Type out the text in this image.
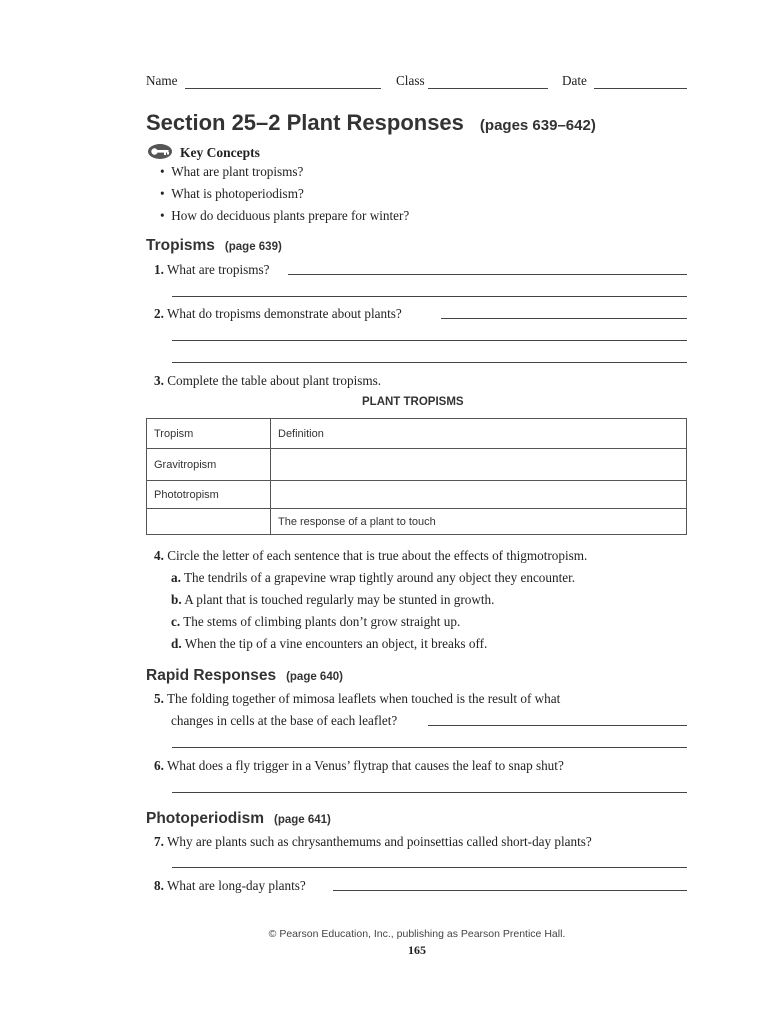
Name	Class	Date
Section 25–2 Plant Responses (pages 639–642)
Key Concepts
•  What are plant tropisms?
•  What is photoperiodism?
•  How do deciduous plants prepare for winter?
Tropisms (page 639)
1. What are tropisms?
2. What do tropisms demonstrate about plants?
3. Complete the table about plant tropisms.
PLANT TROPISMS
Tropism	Definition
Gravitropism	
Phototropism	
	The response of a plant to touch
4. Circle the letter of each sentence that is true about the effects of thigmotropism.
a. The tendrils of a grapevine wrap tightly around any object they encounter.
b. A plant that is touched regularly may be stunted in growth.
c. The stems of climbing plants don’t grow straight up.
d. When the tip of a vine encounters an object, it breaks off.
Rapid Responses (page 640)
5. The folding together of mimosa leaflets when touched is the result of what
changes in cells at the base of each leaflet?
6. What does a fly trigger in a Venus’ flytrap that causes the leaf to snap shut?
Photoperiodism (page 641)
7. Why are plants such as chrysanthemums and poinsettias called short-day plants?
8. What are long-day plants?
© Pearson Education, Inc., publishing as Pearson Prentice Hall.
165
